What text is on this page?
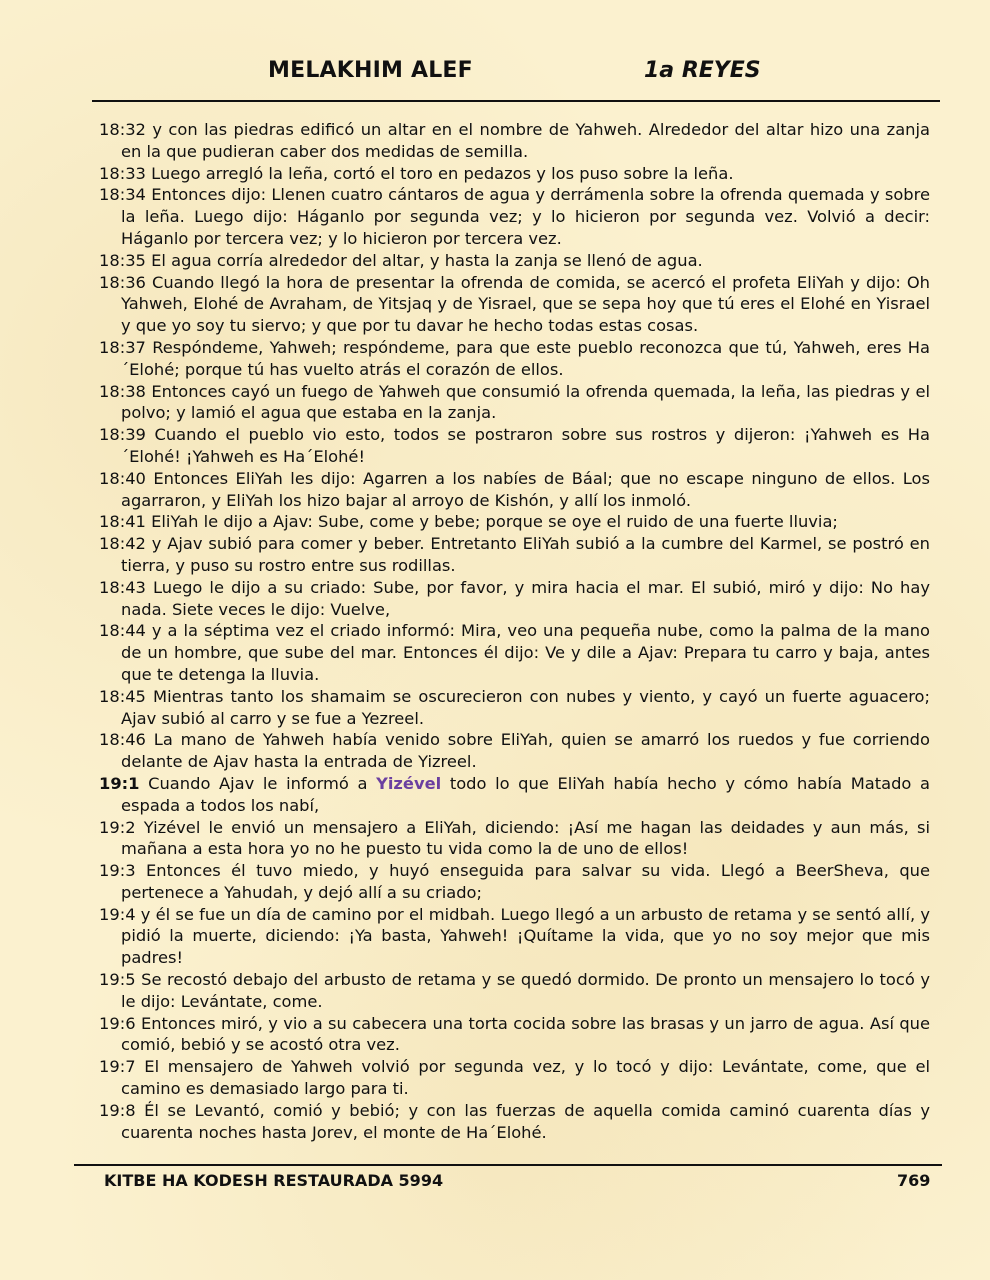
MELAKHIM ALEF	1a REYES

18:32 y con las piedras edificó un altar en el nombre de Yahweh. Alrededor del altar hizo una zanja en la que pudieran caber dos medidas de semilla.

18:33 Luego arregló la leña, cortó el toro en pedazos y los puso sobre la leña.

18:34 Entonces dijo: Llenen cuatro cántaros de agua y derrámenla sobre la ofrenda quemada y sobre la leña. Luego dijo: Háganlo por segunda vez; y lo hicieron por segunda vez. Volvió a decir: Háganlo por tercera vez; y lo hicieron por tercera vez.

18:35 El agua corría alrededor del altar, y hasta la zanja se llenó de agua.

18:36 Cuando llegó la hora de presentar la ofrenda de comida, se acercó el profeta EliYah y dijo: Oh Yahweh, Elohé de Avraham, de Yitsjaq y de Yisrael, que se sepa hoy que tú eres el Elohé en Yisrael y que yo soy tu siervo; y que por tu davar he hecho todas estas cosas.

18:37 Respóndeme, Yahweh; respóndeme, para que este pueblo reconozca que tú, Yahweh, eres Ha´Elohé; porque tú has vuelto atrás el corazón de ellos.

18:38 Entonces cayó un fuego de Yahweh que consumió la ofrenda quemada, la leña, las piedras y el polvo; y lamió el agua que estaba en la zanja.

18:39 Cuando el pueblo vio esto, todos se postraron sobre sus rostros y dijeron: ¡Yahweh es Ha´Elohé! ¡Yahweh es Ha´Elohé!

18:40 Entonces EliYah les dijo: Agarren a los nabíes de Báal; que no escape ninguno de ellos. Los agarraron, y EliYah los hizo bajar al arroyo de Kishón, y allí los inmoló.

18:41 EliYah le dijo a Ajav: Sube, come y bebe; porque se oye el ruido de una fuerte lluvia;

18:42 y Ajav subió para comer y beber. Entretanto EliYah subió a la cumbre del Karmel, se postró en tierra, y puso su rostro entre sus rodillas.

18:43 Luego le dijo a su criado: Sube, por favor, y mira hacia el mar. El subió, miró y dijo: No hay nada. Siete veces le dijo: Vuelve,

18:44 y a la séptima vez el criado informó: Mira, veo una pequeña nube, como la palma de la mano de un hombre, que sube del mar. Entonces él dijo: Ve y dile a Ajav: Prepara tu carro y baja, antes que te detenga la lluvia.

18:45 Mientras tanto los shamaim se oscurecieron con nubes y viento, y cayó un fuerte aguacero; Ajav subió al carro y se fue a Yezreel.

18:46 La mano de Yahweh había venido sobre EliYah, quien se amarró los ruedos y fue corriendo delante de Ajav hasta la entrada de Yizreel.

19:1 Cuando Ajav le informó a Yizével todo lo que EliYah había hecho y cómo había Matado a espada a todos los nabí,

19:2 Yizével le envió un mensajero a EliYah, diciendo: ¡Así me hagan las deidades y aun más, si mañana a esta hora yo no he puesto tu vida como la de uno de ellos!

19:3 Entonces él tuvo miedo, y huyó enseguida para salvar su vida. Llegó a BeerSheva, que pertenece a Yahudah, y dejó allí a su criado;

19:4 y él se fue un día de camino por el midbah. Luego llegó a un arbusto de retama y se sentó allí, y pidió la muerte, diciendo: ¡Ya basta, Yahweh! ¡Quítame la vida, que yo no soy mejor que mis padres!

19:5 Se recostó debajo del arbusto de retama y se quedó dormido. De pronto un mensajero lo tocó y le dijo: Levántate, come.

19:6 Entonces miró, y vio a su cabecera una torta cocida sobre las brasas y un jarro de agua. Así que comió, bebió y se acostó otra vez.

19:7 El mensajero de Yahweh volvió por segunda vez, y lo tocó y dijo: Levántate, come, que el camino es demasiado largo para ti.

19:8 Él se Levantó, comió y bebió; y con las fuerzas de aquella comida caminó cuarenta días y cuarenta noches hasta Jorev, el monte de Ha´Elohé.

KITBE HA KODESH RESTAURADA 5994	769
